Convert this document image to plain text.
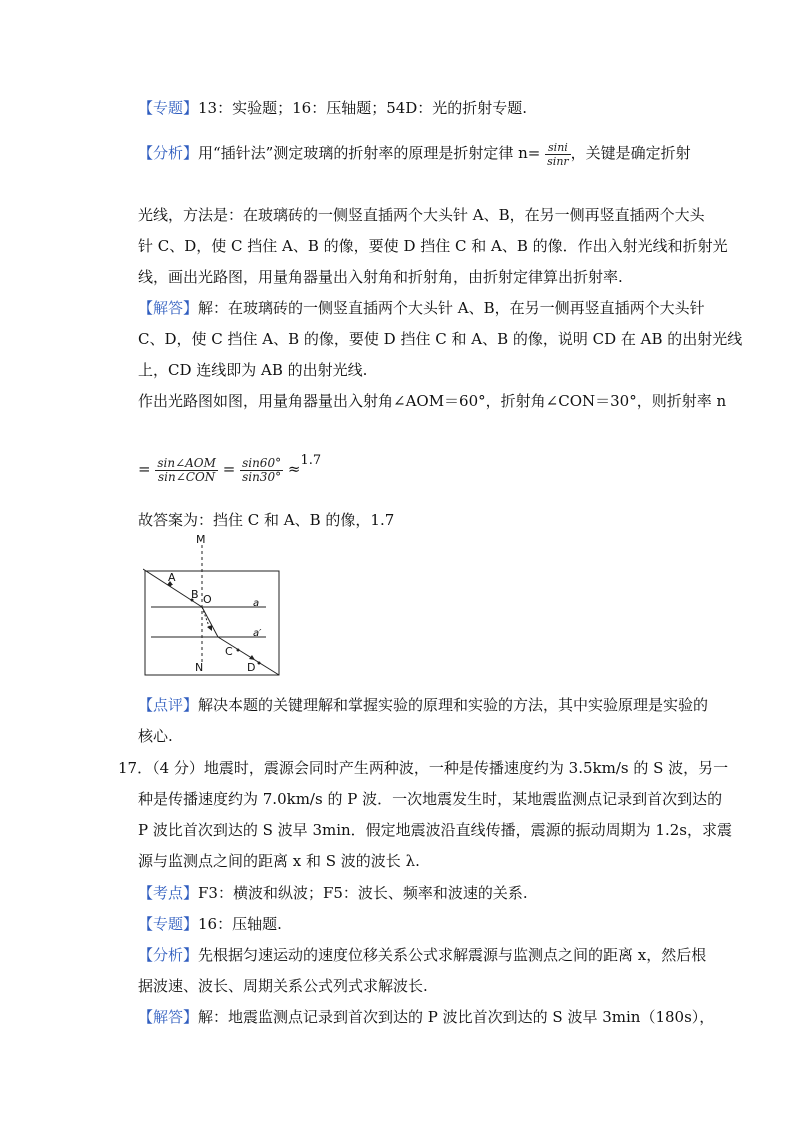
【专题】13：实验题；16：压轴题；54D：光的折射专题.
【分析】用“插针法”测定玻璃的折射率的原理是折射定律 $n= \frac{\sin i}{\sin r}$ ，关键是确定折射
光线，方法是：在玻璃砖的一侧竖直插两个大头针 A、B，在另一侧再竖直插两个大头
针 C、D，使 C 挡住 A、B 的像，要使 D 挡住 C 和 A、B 的像．作出入射光线和折射光
线，画出光路图，用量角器量出入射角和折射角，由折射定律算出折射率.
【解答】解：在玻璃砖的一侧竖直插两个大头针 A、B，在另一侧再竖直插两个大头针
C、D，使 C 挡住 A、B 的像，要使 D 挡住 C 和 A、B 的像，说明 CD 在 AB 的出射光线
上，CD 连线即为 AB 的出射光线.
作出光路图如图，用量角器量出入射角∠AOM＝60°，折射角∠CON＝30°，则折射率 n
= $\frac{\text{sin∠AOM}}{\text{sin∠CON}} = \frac{\sin 60^\circ}{\sin 30^\circ} \approx 1.7$
故答案为：挡住 C 和 A、B 的像，1.7
M
N
A
B O
C
D
a
a′
【点评】解决本题的关键理解和掌握实验的原理和实验的方法，其中实验原理是实验的
核心.
17．（4 分）地震时，震源会同时产生两种波，一种是传播速度约为 3.5km/s 的 S 波，另一
种是传播速度约为 7.0km/s 的 P 波．一次地震发生时，某地震监测点记录到首次到达的
P 波比首次到达的 S 波早 3min．假定地震波沿直线传播，震源的振动周期为 1.2s，求震
源与监测点之间的距离 x 和 S 波的波长 λ.
【考点】F3：横波和纵波；F5：波长、频率和波速的关系.
【专题】16：压轴题.
【分析】先根据匀速运动的速度位移关系公式求解震源与监测点之间的距离 x，然后根
据波速、波长、周期关系公式列式求解波长.
【解答】解：地震监测点记录到首次到达的 P 波比首次到达的 S 波早 3min（180s），
